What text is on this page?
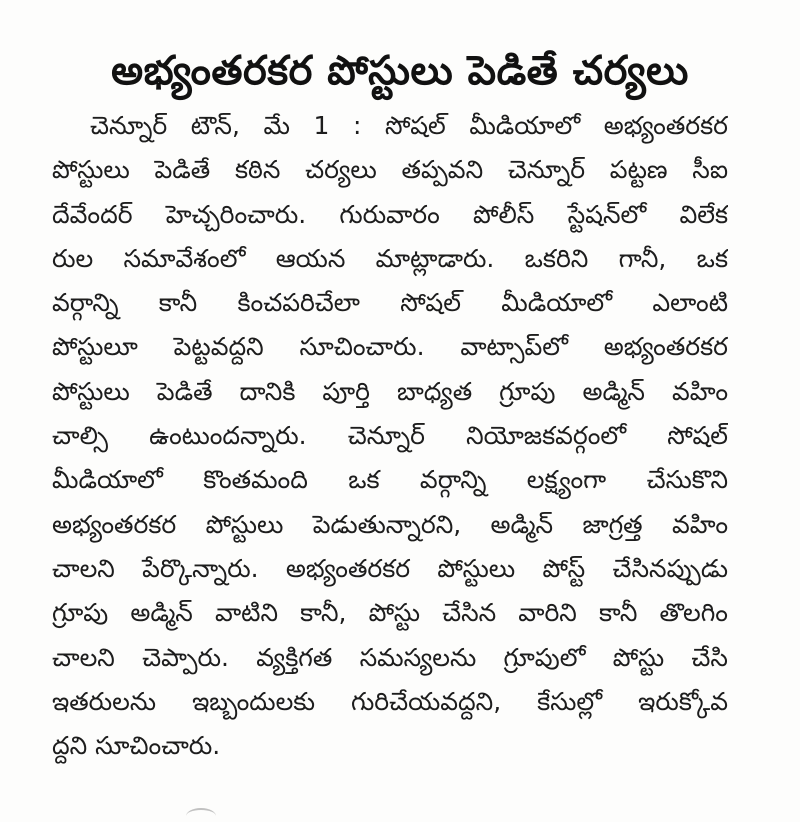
అభ్యంతరకర పోస్టులు పెడితే చర్యలు
చెన్నూర్ టౌన్, మే 1 : సోషల్ మీడియాలో అభ్యంతరకర
పోస్టులు పెడితే కఠిన చర్యలు తప్పవని చెన్నూర్ పట్టణ సీఐ
దేవేందర్ హెచ్చరించారు. గురువారం పోలీస్ స్టేషన్‌లో విలేక
రుల సమావేశంలో ఆయన మాట్లాడారు. ఒకరిని గానీ, ఒక
వర్గాన్ని కానీ కించపరిచేలా సోషల్ మీడియాలో ఎలాంటి
పోస్టులూ పెట్టవద్దని సూచించారు. వాట్సాప్‌లో అభ్యంతరకర
పోస్టులు పెడితే దానికి పూర్తి బాధ్యత గ్రూపు అడ్మిన్ వహిం
చాల్సి ఉంటుందన్నారు. చెన్నూర్ నియోజకవర్గంలో సోషల్
మీడియాలో కొంతమంది ఒక వర్గాన్ని లక్ష్యంగా చేసుకొని
అభ్యంతరకర పోస్టులు పెడుతున్నారని, అడ్మిన్ జాగ్రత్త వహిం
చాలని పేర్కొన్నారు. అభ్యంతరకర పోస్టులు పోస్ట్ చేసినప్పుడు
గ్రూపు అడ్మిన్ వాటిని కానీ, పోస్టు చేసిన వారిని కానీ తొలగిం
చాలని చెప్పారు. వ్యక్తిగత సమస్యలను గ్రూపులో పోస్టు చేసి
ఇతరులను ఇబ్బందులకు గురిచేయవద్దని, కేసుల్లో ఇరుక్కోవ
ద్దని సూచించారు.
